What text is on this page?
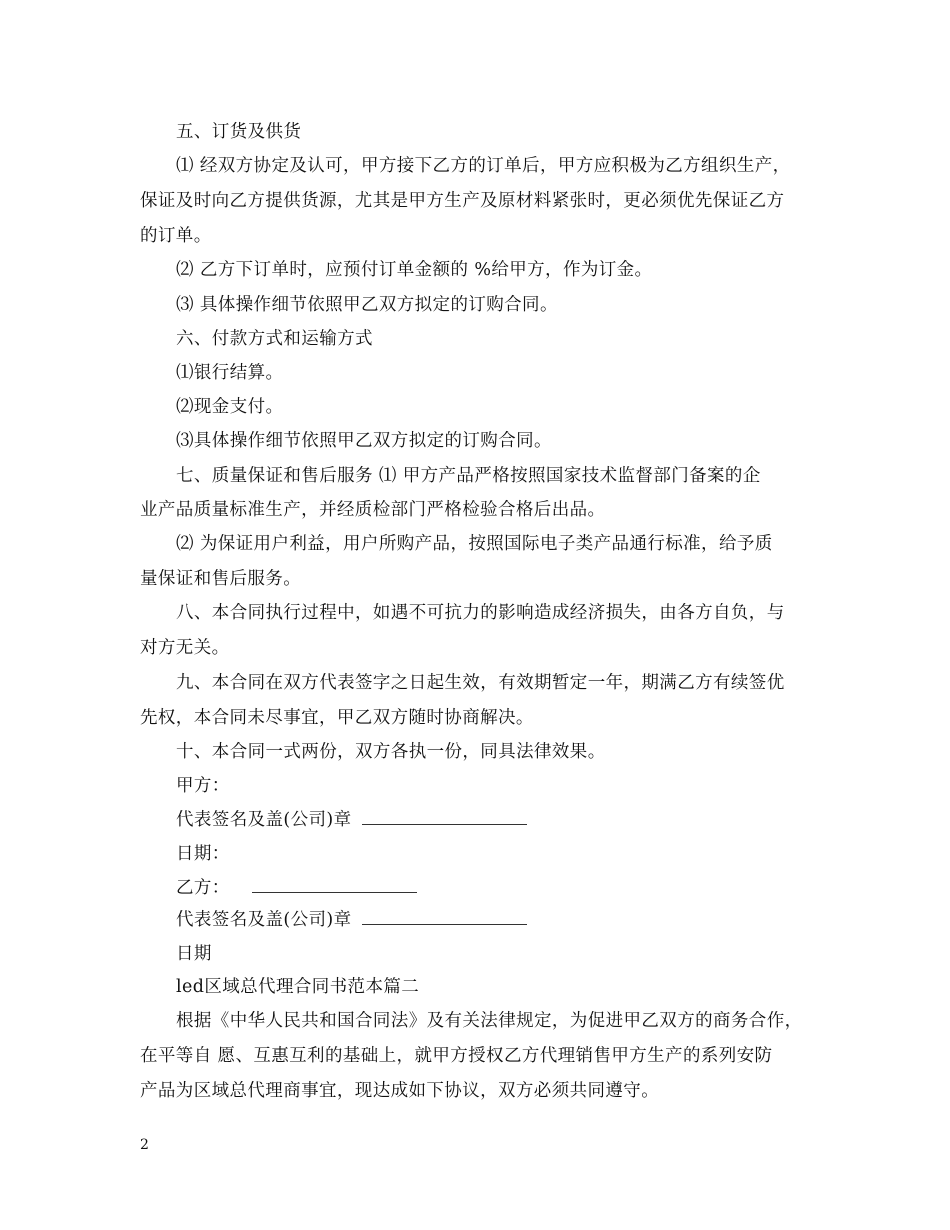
五、订货及供货
⑴ 经双方协定及认可，甲方接下乙方的订单后，甲方应积极为乙方组织生产，
保证及时向乙方提供货源，尤其是甲方生产及原材料紧张时，更必须优先保证乙方
的订单。
⑵ 乙方下订单时，应预付订单金额的 %给甲方，作为订金。
⑶ 具体操作细节依照甲乙双方拟定的订购合同。
六、付款方式和运输方式
⑴银行结算。
⑵现金支付。
⑶具体操作细节依照甲乙双方拟定的订购合同。
七、质量保证和售后服务 ⑴ 甲方产品严格按照国家技术监督部门备案的企
业产品质量标准生产，并经质检部门严格检验合格后出品。
⑵ 为保证用户利益，用户所购产品，按照国际电子类产品通行标准，给予质
量保证和售后服务。
八、本合同执行过程中，如遇不可抗力的影响造成经济损失，由各方自负，与
对方无关。
九、本合同在双方代表签字之日起生效，有效期暂定一年，期满乙方有续签优
先权，本合同未尽事宜，甲乙双方随时协商解决。
十、本合同一式两份，双方各执一份，同具法律效果。
甲方：
代表签名及盖(公司)章
日期：
乙方：
代表签名及盖(公司)章
日期
led区域总代理合同书范本篇二
根据《中华人民共和国合同法》及有关法律规定，为促进甲乙双方的商务合作，
在平等自 愿、互惠互利的基础上，就甲方授权乙方代理销售甲方生产的系列安防
产品为区域总代理商事宜，现达成如下协议，双方必须共同遵守。
2
